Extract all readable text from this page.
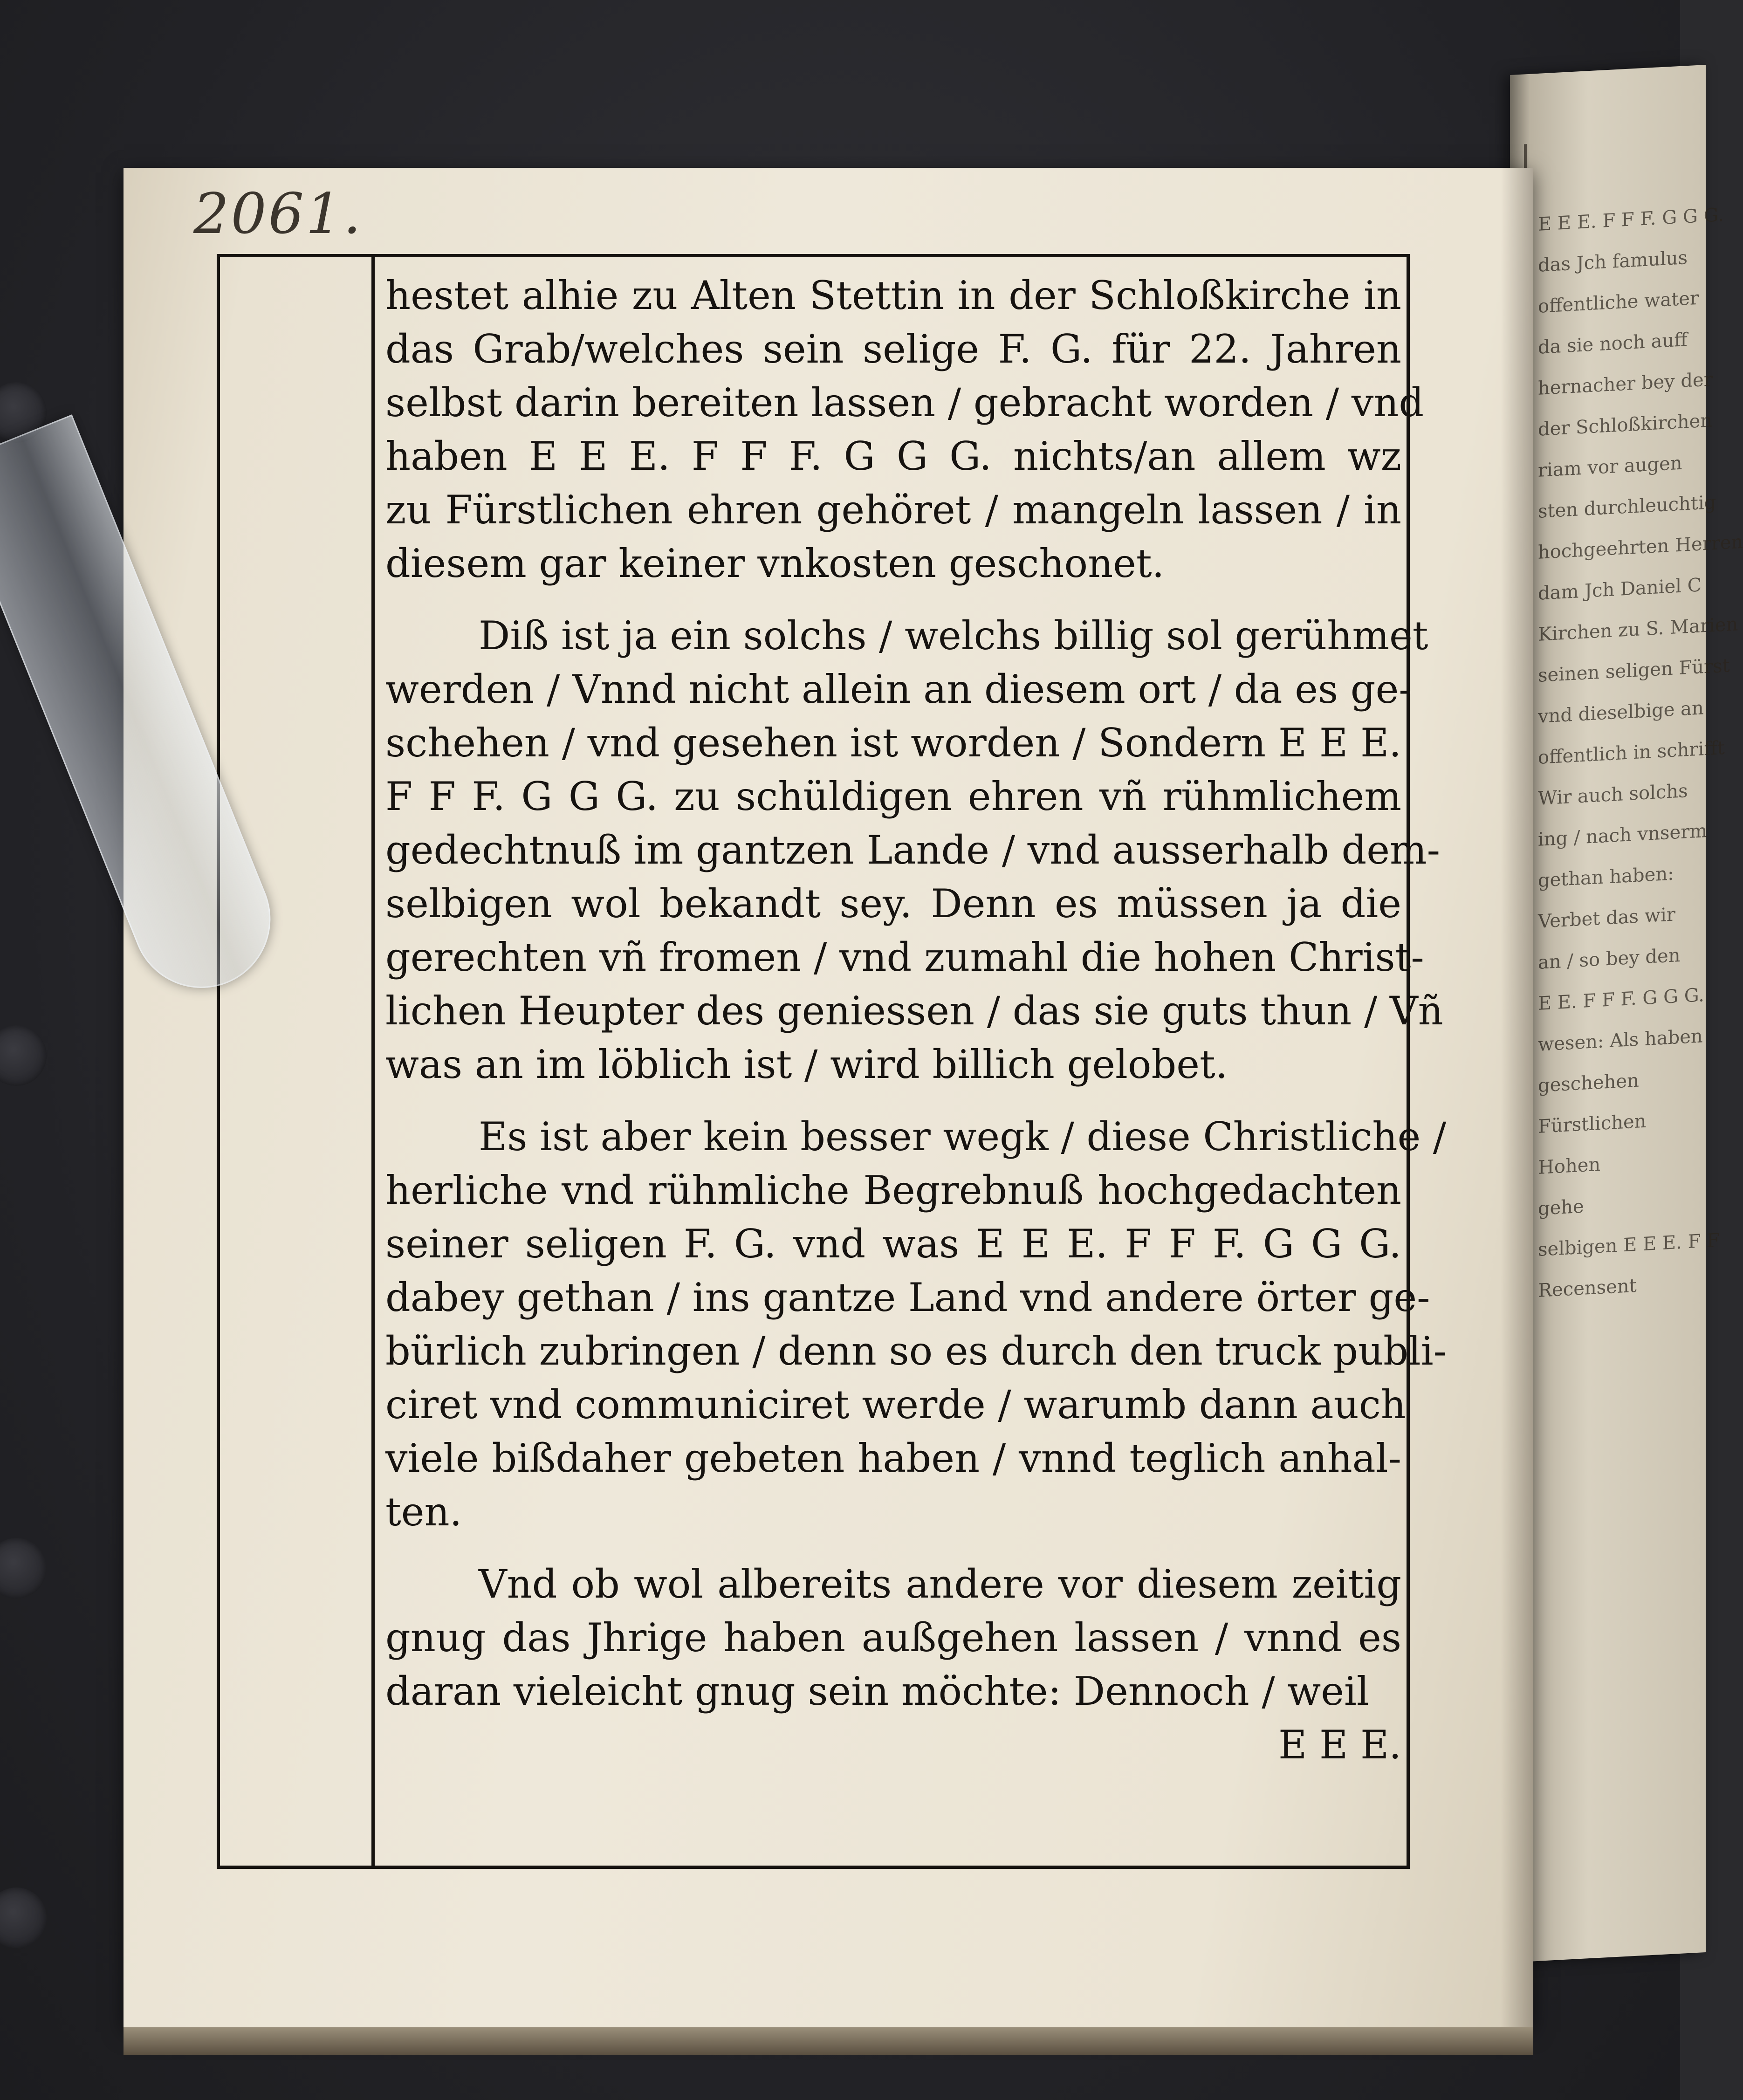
E E E. F F F. G G G.
das Jch famulus
offentliche water
da sie noch auff
hernacher bey der
der Schloßkirchen
riam vor augen
sten durchleuchtig
hochgeehrten Herren
dam Jch Daniel C
Kirchen zu S. Marien
seinen seligen Fürst
vnd dieselbige an
offentlich in schrifft
Wir auch solchs
ing / nach vnserm
gethan haben:
Verbet das wir
an / so bey den
E E. F F F. G G G.
wesen: Als haben
geschehen
Fürstlichen
Hohen
gehe
selbigen E E E. F F
Recensent
2061.
hestet alhie zu Alten Stettin in der Schloßkirche in
das Grab/welches sein selige F. G. für 22. Jahren
selbst darin bereiten lassen / gebracht worden / vnd
haben E E E. F F F. G G G. nichts/an allem wz
zu Fürstlichen ehren gehöret / mangeln lassen / in
diesem gar keiner vnkosten geschonet.
Diß ist ja ein solchs / welchs billig sol gerühmet
werden / Vnnd nicht allein an diesem ort / da es ge-
schehen / vnd gesehen ist worden / Sondern E E E.
F F F. G G G. zu schüldigen ehren vñ rühmlichem
gedechtnuß im gantzen Lande / vnd ausserhalb dem-
selbigen wol bekandt sey. Denn es müssen ja die
gerechten vñ fromen / vnd zumahl die hohen Christ-
lichen Heupter des geniessen / das sie guts thun / Vñ
was an im löblich ist / wird billich gelobet.
Es ist aber kein besser wegk / diese Christliche /
herliche vnd rühmliche Begrebnuß hochgedachten
seiner seligen F. G. vnd was E E E. F F F. G G G.
dabey gethan / ins gantze Land vnd andere örter ge-
bürlich zubringen / denn so es durch den truck publi-
ciret vnd communiciret werde / warumb dann auch
viele bißdaher gebeten haben / vnnd teglich anhal-
ten.
Vnd ob wol albereits andere vor diesem zeitig
gnug das Jhrige haben außgehen lassen / vnnd es
daran vieleicht gnug sein möchte: Dennoch / weil
E E E.
